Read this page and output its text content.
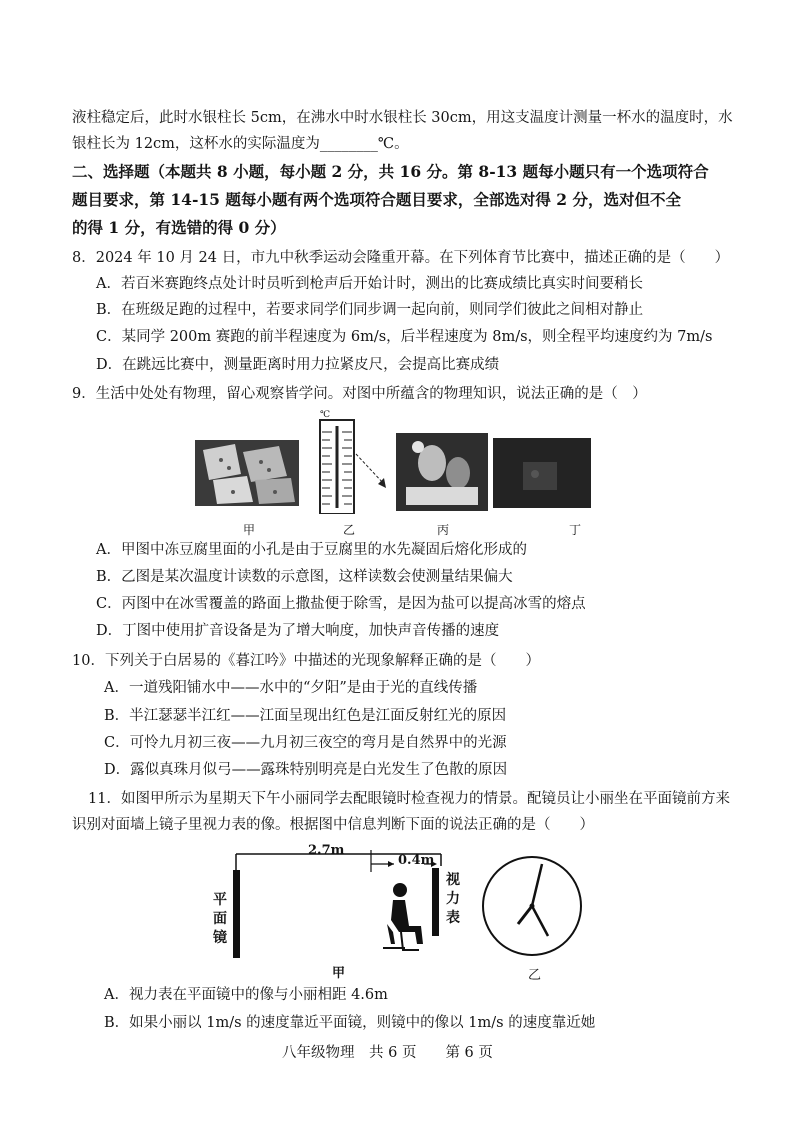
液柱稳定后，此时水银柱长 5cm，在沸水中时水银柱长 30cm，用这支温度计测量一杯水的温度时，水
银柱长为 12cm，这杯水的实际温度为________℃。
二、选择题（本题共 8 小题，每小题 2 分，共 16 分。第 8-13 题每小题只有一个选项符合
题目要求，第 14-15 题每小题有两个选项符合题目要求，全部选对得 2 分，选对但不全
的得 1 分，有选错的得 0 分）
8．2024 年 10 月 24 日，市九中秋季运动会隆重开幕。在下列体育节比赛中，描述正确的是（　　）
A．若百米赛跑终点处计时员听到枪声后开始计时，测出的比赛成绩比真实时间要稍长
B．在班级足跑的过程中，若要求同学们同步调一起向前，则同学们彼此之间相对静止
C．某同学 200m 赛跑的前半程速度为 6m/s，后半程速度为 8m/s，则全程平均速度约为 7m/s
D．在跳远比赛中，测量距离时用力拉紧皮尺，会提高比赛成绩
9．生活中处处有物理，留心观察皆学问。对图中所蕴含的物理知识，说法正确的是（　）
℃
甲	乙	丙	丁
A．甲图中冻豆腐里面的小孔是由于豆腐里的水先凝固后熔化形成的
B．乙图是某次温度计读数的示意图，这样读数会使测量结果偏大
C．丙图中在冰雪覆盖的路面上撒盐便于除雪，是因为盐可以提高冰雪的熔点
D．丁图中使用扩音设备是为了增大响度，加快声音传播的速度
10．下列关于白居易的《暮江吟》中描述的光现象解释正确的是（　　）
A．一道残阳铺水中——水中的“夕阳”是由于光的直线传播
B．半江瑟瑟半江红——江面呈现出红色是江面反射红光的原因
C．可怜九月初三夜——九月初三夜空的弯月是自然界中的光源
D．露似真珠月似弓——露珠特别明亮是白光发生了色散的原因
11．如图甲所示为星期天下午小丽同学去配眼镜时检查视力的情景。配镜员让小丽坐在平面镜前方来
识别对面墙上镜子里视力表的像。根据图中信息判断下面的说法正确的是（　　）
2.7m
0.4m
平
面
镜
视
力
表
甲	乙
A．视力表在平面镜中的像与小丽相距 4.6m
B．如果小丽以 1m/s 的速度靠近平面镜，则镜中的像以 1m/s 的速度靠近她
八年级物理　共 6 页　　第 6 页
